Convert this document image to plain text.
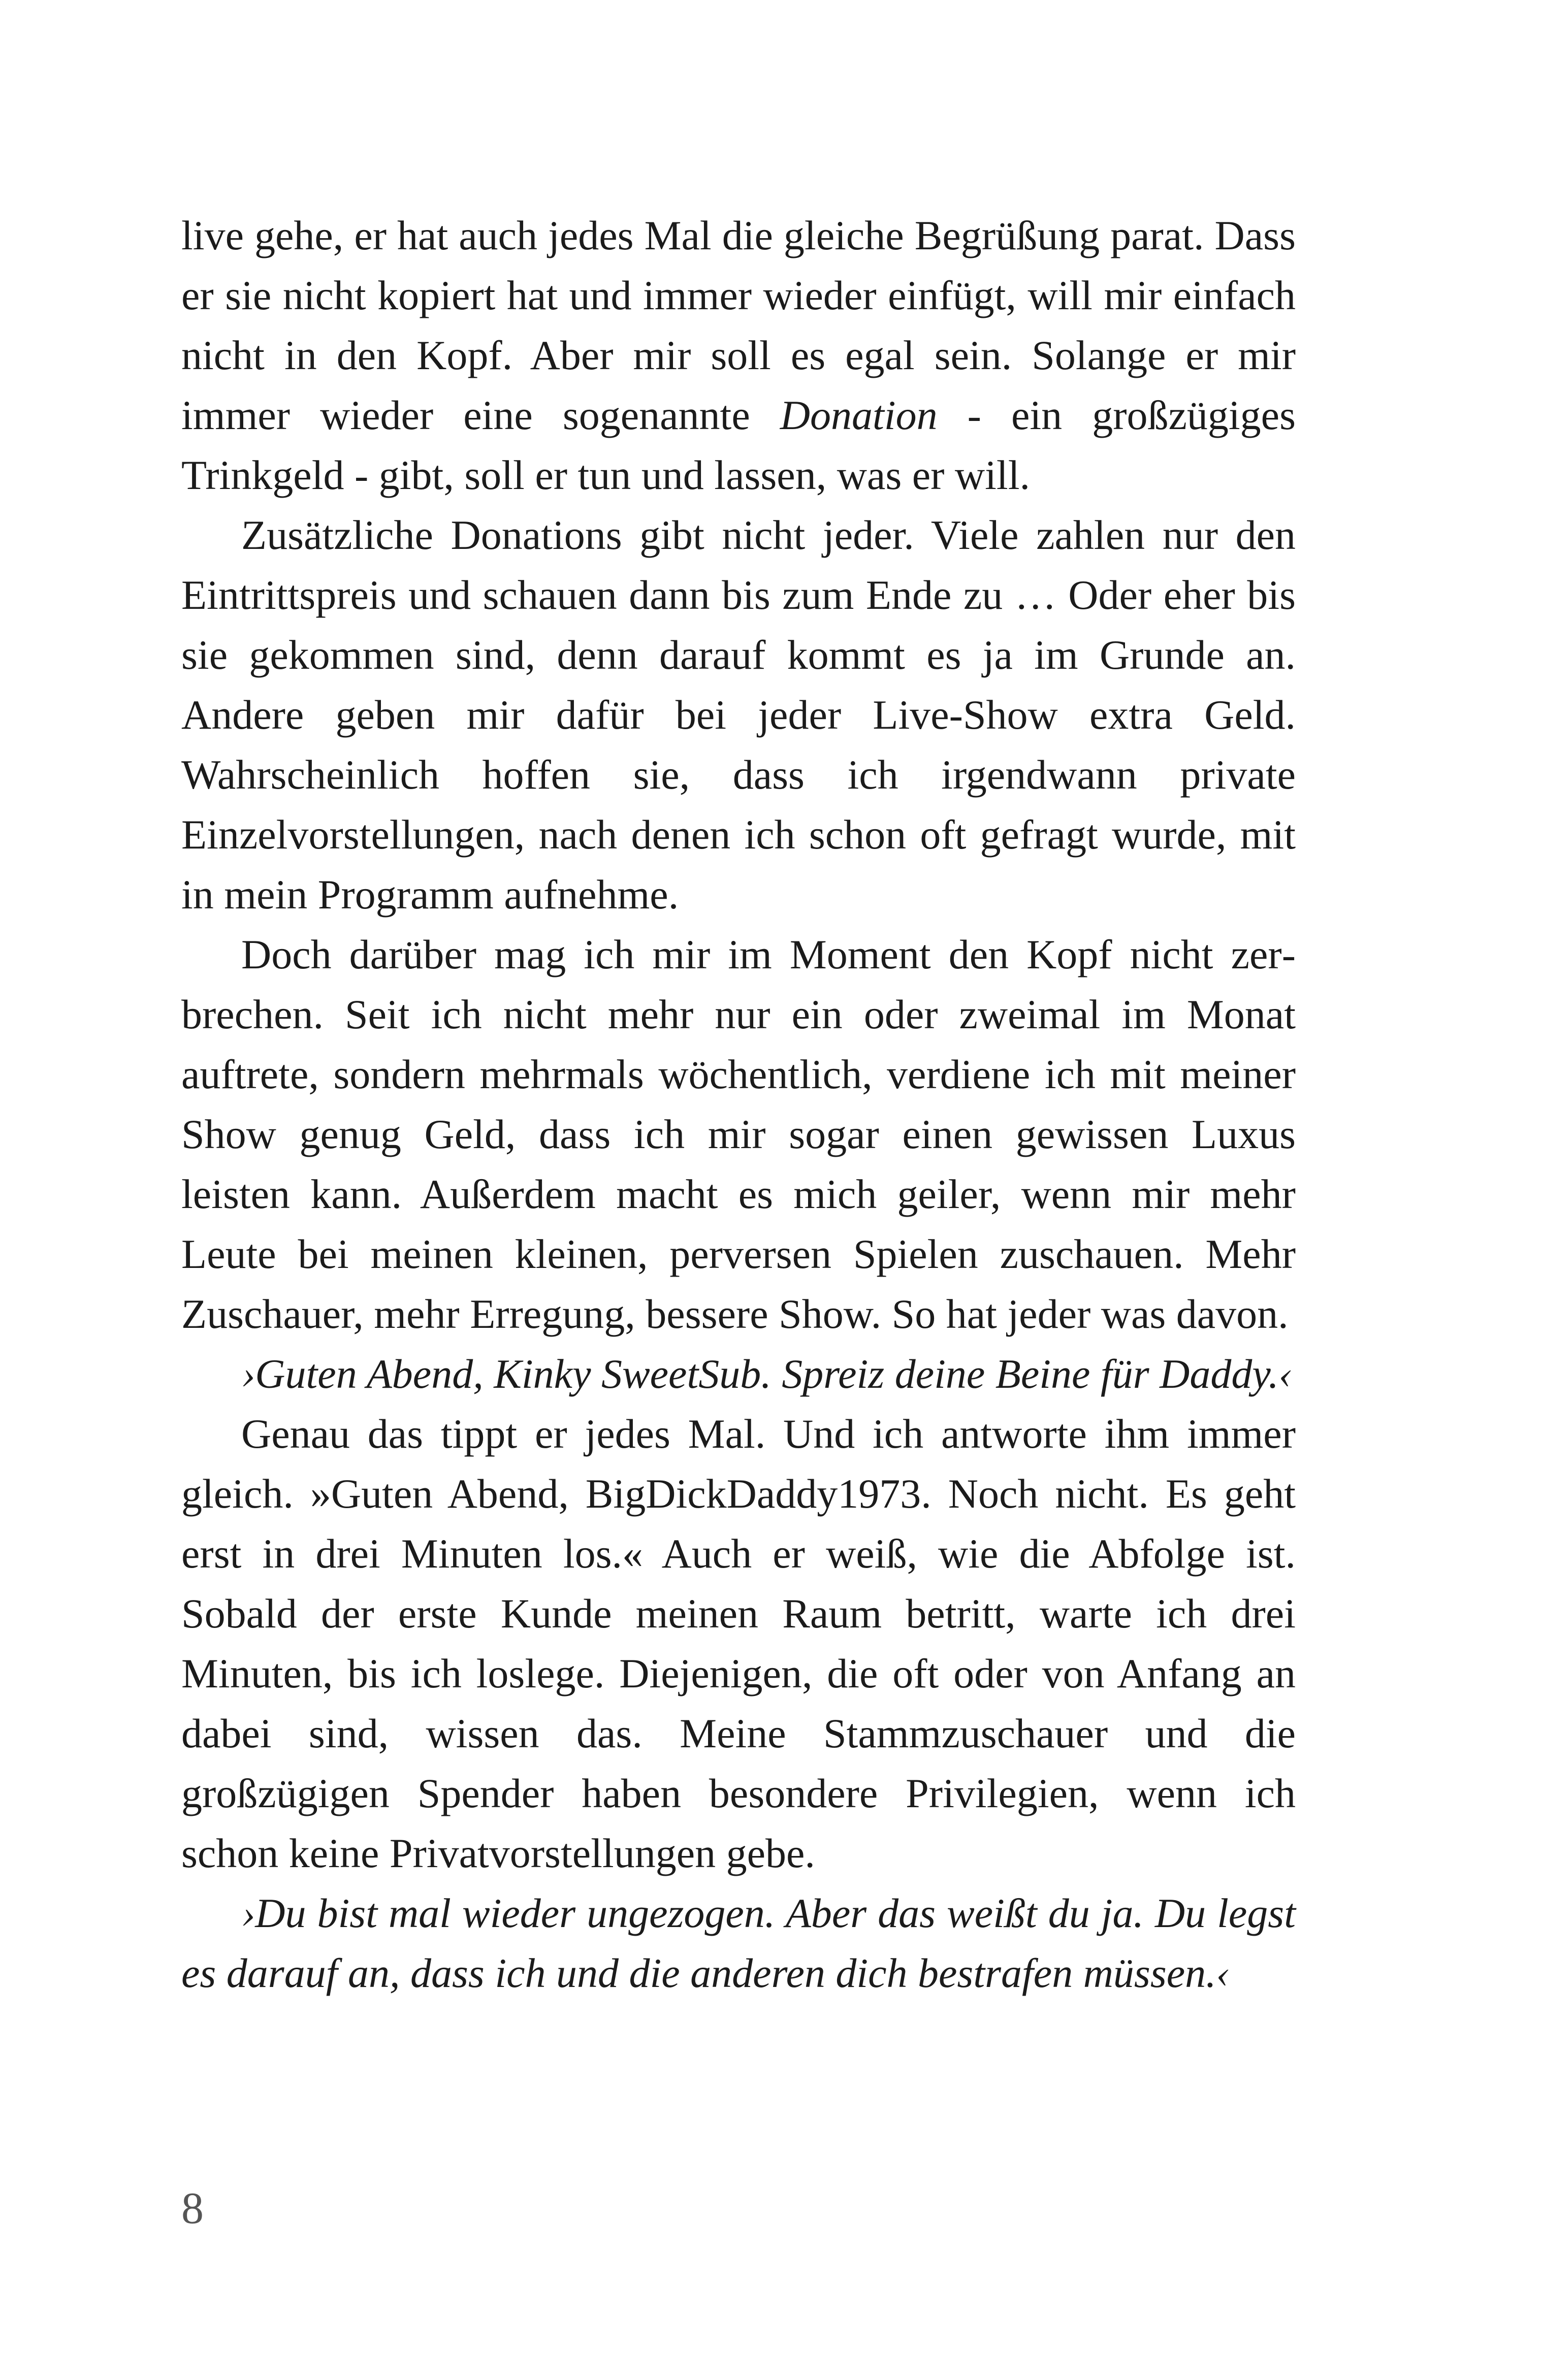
live gehe, er hat auch jedes Mal die gleiche Begrüßung parat. Dass er sie nicht kopiert hat und immer wieder einfügt, will mir einfach nicht in den Kopf. Aber mir soll es egal sein. Solange er mir immer wieder eine sogenannte Donation - ein großzügiges Trinkgeld - gibt, soll er tun und lassen, was er will.

Zusätzliche Donations gibt nicht jeder. Viele zahlen nur den Eintrittspreis und schauen dann bis zum Ende zu … Oder eher bis sie gekommen sind, denn darauf kommt es ja im Grunde an. Andere geben mir dafür bei jeder Live-Show extra Geld. Wahrscheinlich hoffen sie, dass ich irgendwann private Einzelvorstellungen, nach denen ich schon oft gefragt wurde, mit in mein Programm aufnehme.

Doch darüber mag ich mir im Moment den Kopf nicht zerbrechen. Seit ich nicht mehr nur ein oder zweimal im Monat auftrete, sondern mehrmals wöchentlich, verdiene ich mit meiner Show genug Geld, dass ich mir sogar einen gewissen Luxus leisten kann. Außerdem macht es mich geiler, wenn mir mehr Leute bei meinen kleinen, perversen Spielen zuschauen. Mehr Zuschauer, mehr Erregung, bessere Show. So hat jeder was davon.

›Guten Abend, Kinky SweetSub. Spreiz deine Beine für Daddy.‹

Genau das tippt er jedes Mal. Und ich antworte ihm immer gleich. »Guten Abend, BigDickDaddy1973. Noch nicht. Es geht erst in drei Minuten los.« Auch er weiß, wie die Abfolge ist. Sobald der erste Kunde meinen Raum betritt, warte ich drei Minuten, bis ich loslege. Diejenigen, die oft oder von Anfang an dabei sind, wissen das. Meine Stammzuschauer und die großzügigen Spender haben besondere Privilegien, wenn ich schon keine Privatvorstellungen gebe.

›Du bist mal wieder ungezogen. Aber das weißt du ja. Du legst es darauf an, dass ich und die anderen dich bestrafen müssen.‹

8
